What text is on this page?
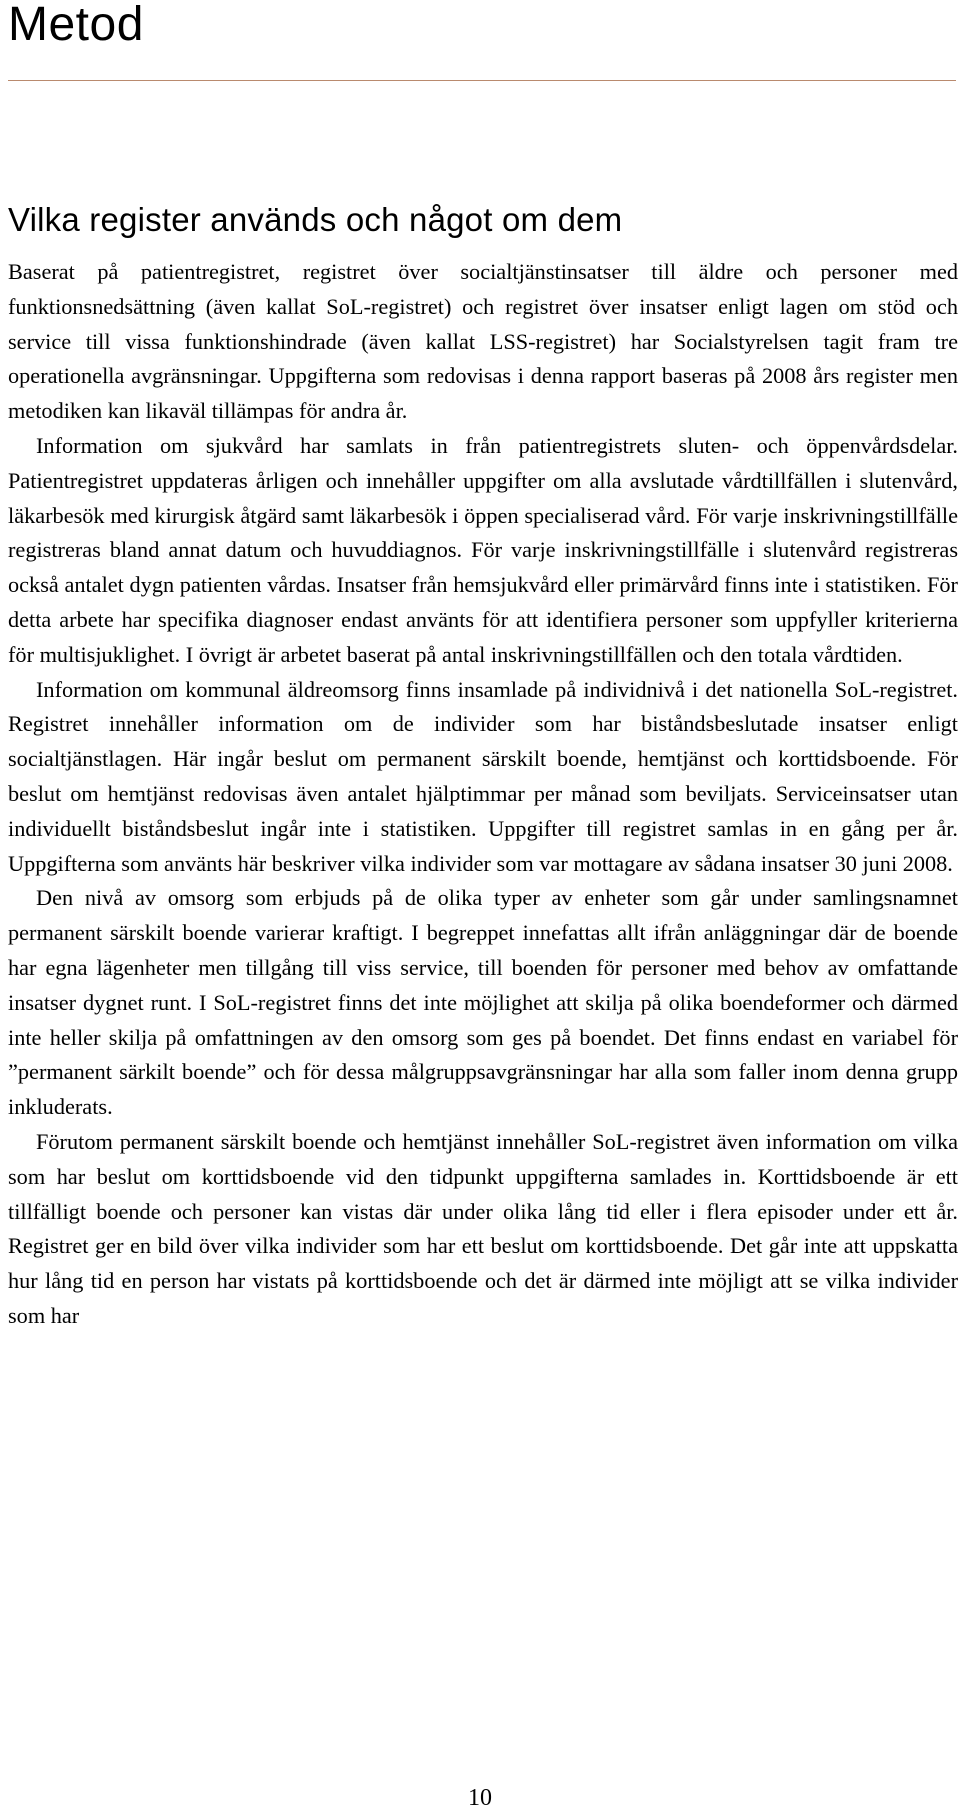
Metod
Vilka register används och något om dem

Baserat på patientregistret, registret över socialtjänstinsatser till äldre och personer med funktionsnedsättning (även kallat SoL-registret) och registret över insatser enligt lagen om stöd och service till vissa funktionshindrade (även kallat LSS-registret) har Socialstyrelsen tagit fram tre operationella avgränsningar. Uppgifterna som redovisas i denna rapport baseras på 2008 års register men metodiken kan likaväl tillämpas för andra år.

Information om sjukvård har samlats in från patientregistrets sluten- och öppenvårdsdelar. Patientregistret uppdateras årligen och innehåller uppgifter om alla avslutade vårdtillfällen i slutenvård, läkarbesök med kirurgisk åtgärd samt läkarbesök i öppen specialiserad vård. För varje inskrivningstillfälle registreras bland annat datum och huvuddiagnos. För varje inskrivningstillfälle i slutenvård registreras också antalet dygn patienten vårdas. Insatser från hemsjukvård eller primärvård finns inte i statistiken. För detta arbete har specifika diagnoser endast använts för att identifiera personer som uppfyller kriterierna för multisjuklighet. I övrigt är arbetet baserat på antal inskrivningstillfällen och den totala vårdtiden.

Information om kommunal äldreomsorg finns insamlade på individnivå i det nationella SoL-registret. Registret innehåller information om de individer som har biståndsbeslutade insatser enligt socialtjänstlagen. Här ingår beslut om permanent särskilt boende, hemtjänst och korttidsboende. För beslut om hemtjänst redovisas även antalet hjälptimmar per månad som beviljats. Serviceinsatser utan individuellt biståndsbeslut ingår inte i statistiken. Uppgifter till registret samlas in en gång per år. Uppgifterna som använts här beskriver vilka individer som var mottagare av sådana insatser 30 juni 2008.

Den nivå av omsorg som erbjuds på de olika typer av enheter som går under samlingsnamnet permanent särskilt boende varierar kraftigt. I begreppet innefattas allt ifrån anläggningar där de boende har egna lägenheter men tillgång till viss service, till boenden för personer med behov av omfattande insatser dygnet runt. I SoL-registret finns det inte möjlighet att skilja på olika boendeformer och därmed inte heller skilja på omfattningen av den omsorg som ges på boendet. Det finns endast en variabel för ”permanent särkilt boende” och för dessa målgruppsavgränsningar har alla som faller inom denna grupp inkluderats.

Förutom permanent särskilt boende och hemtjänst innehåller SoL-registret även information om vilka som har beslut om korttidsboende vid den tidpunkt uppgifterna samlades in. Korttidsboende är ett tillfälligt boende och personer kan vistas där under olika lång tid eller i flera episoder under ett år. Registret ger en bild över vilka individer som har ett beslut om korttidsboende. Det går inte att uppskatta hur lång tid en person har vistats på korttidsboende och det är därmed inte möjligt att se vilka individer som har

10
